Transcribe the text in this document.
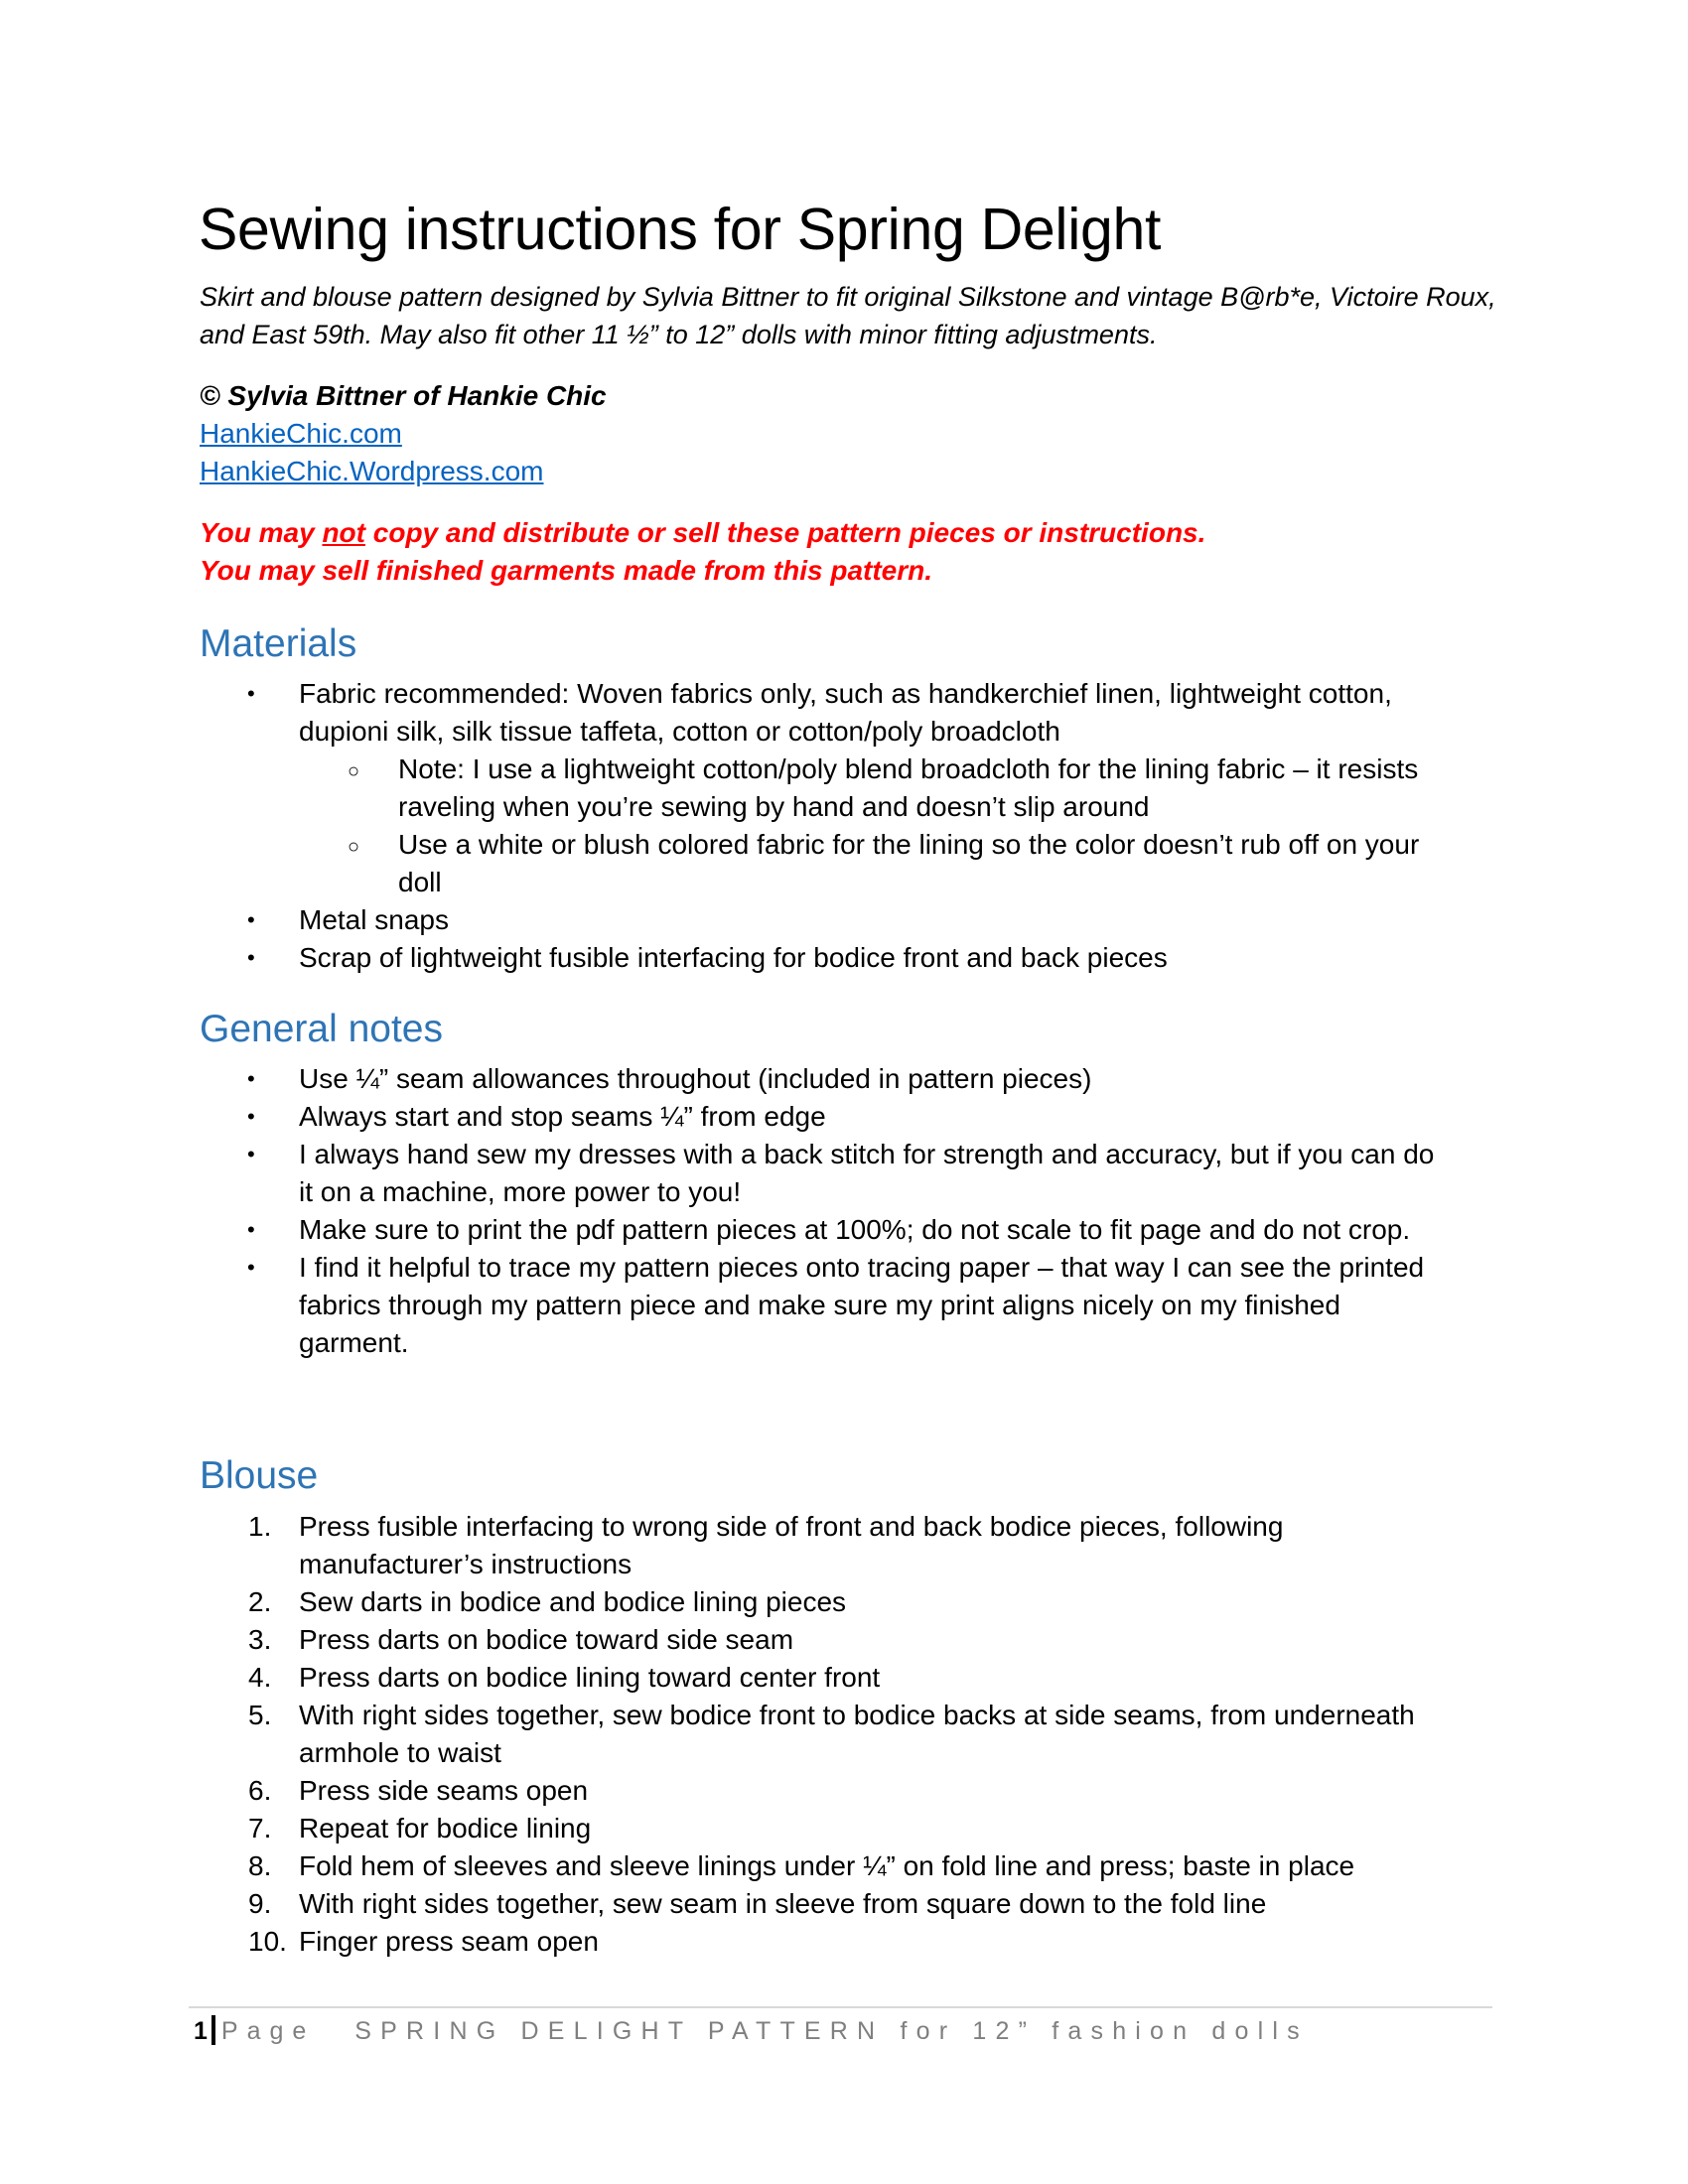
Sewing instructions for Spring Delight

Skirt and blouse pattern designed by Sylvia Bittner to fit original Silkstone and vintage B@rb*e, Victoire Roux, and East 59th. May also fit other 11 ½” to 12” dolls with minor fitting adjustments.

© Sylvia Bittner of Hankie Chic

HankieChic.com
HankieChic.Wordpress.com
You may not copy and distribute or sell these pattern pieces or instructions.
You may sell finished garments made from this pattern.
Materials
• Fabric recommended: Woven fabrics only, such as handkerchief linen, lightweight cotton, dupioni silk, silk tissue taffeta, cotton or cotton/poly broadcloth
○ Note: I use a lightweight cotton/poly blend broadcloth for the lining fabric – it resists raveling when you’re sewing by hand and doesn’t slip around
○ Use a white or blush colored fabric for the lining so the color doesn’t rub off on your doll
• Metal snaps
• Scrap of lightweight fusible interfacing for bodice front and back pieces
General notes
• Use ¼” seam allowances throughout (included in pattern pieces)
• Always start and stop seams ¼” from edge
• I always hand sew my dresses with a back stitch for strength and accuracy, but if you can do it on a machine, more power to you!
• Make sure to print the pdf pattern pieces at 100%; do not scale to fit page and do not crop.
• I find it helpful to trace my pattern pieces onto tracing paper – that way I can see the printed fabrics through my pattern piece and make sure my print aligns nicely on my finished garment.
Blouse
1. Press fusible interfacing to wrong side of front and back bodice pieces, following manufacturer’s instructions
2. Sew darts in bodice and bodice lining pieces
3. Press darts on bodice toward side seam
4. Press darts on bodice lining toward center front
5. With right sides together, sew bodice front to bodice backs at side seams, from underneath armhole to waist
6. Press side seams open
7. Repeat for bodice lining
8. Fold hem of sleeves and sleeve linings under ¼” on fold line and press; baste in place
9. With right sides together, sew seam in sleeve from square down to the fold line
10. Finger press seam open
1 Page SPRING DELIGHT PATTERN for 12” fashion dolls
